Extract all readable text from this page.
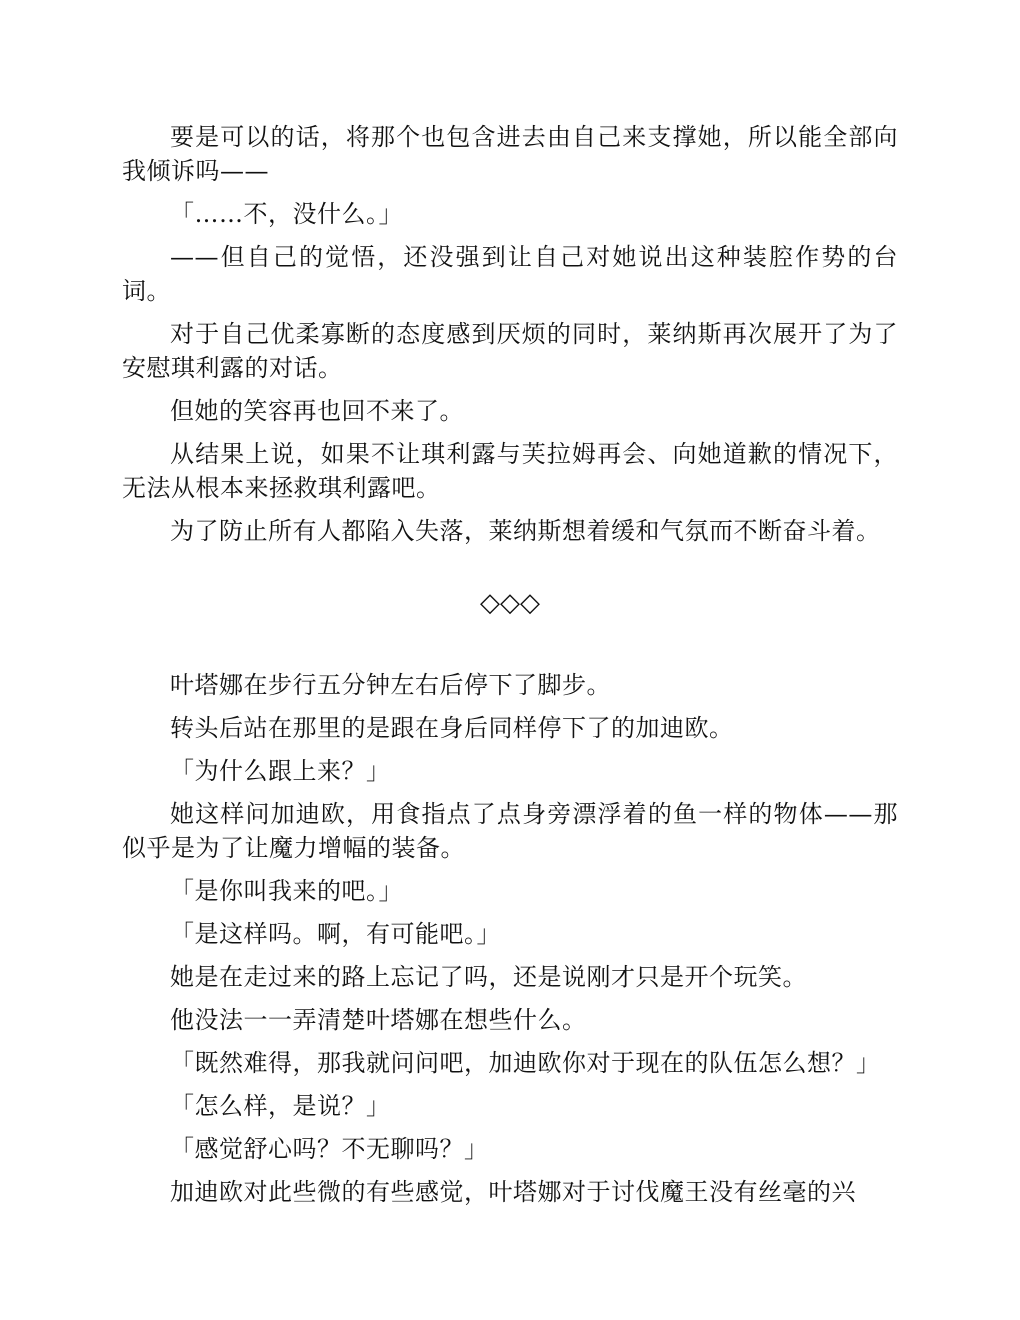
要是可以的话，将那个也包含进去由自己来支撑她，所以能全部向我倾诉吗——

「……不，没什么。」

——但自己的觉悟，还没强到让自己对她说出这种装腔作势的台词。

对于自己优柔寡断的态度感到厌烦的同时，莱纳斯再次展开了为了安慰琪利露的对话。

但她的笑容再也回不来了。

从结果上说，如果不让琪利露与芙拉姆再会、向她道歉的情况下，无法从根本来拯救琪利露吧。

为了防止所有人都陷入失落，莱纳斯想着缓和气氛而不断奋斗着。

◇◇◇

叶塔娜在步行五分钟左右后停下了脚步。

转头后站在那里的是跟在身后同样停下了的加迪欧。

「为什么跟上来？」

她这样问加迪欧，用食指点了点身旁漂浮着的鱼一样的物体——那似乎是为了让魔力增幅的装备。

「是你叫我来的吧。」

「是这样吗。啊，有可能吧。」

她是在走过来的路上忘记了吗，还是说刚才只是开个玩笑。

他没法一一弄清楚叶塔娜在想些什么。

「既然难得，那我就问问吧，加迪欧你对于现在的队伍怎么想？」

「怎么样，是说？」

「感觉舒心吗？不无聊吗？」

加迪欧对此些微的有些感觉，叶塔娜对于讨伐魔王没有丝毫的兴
